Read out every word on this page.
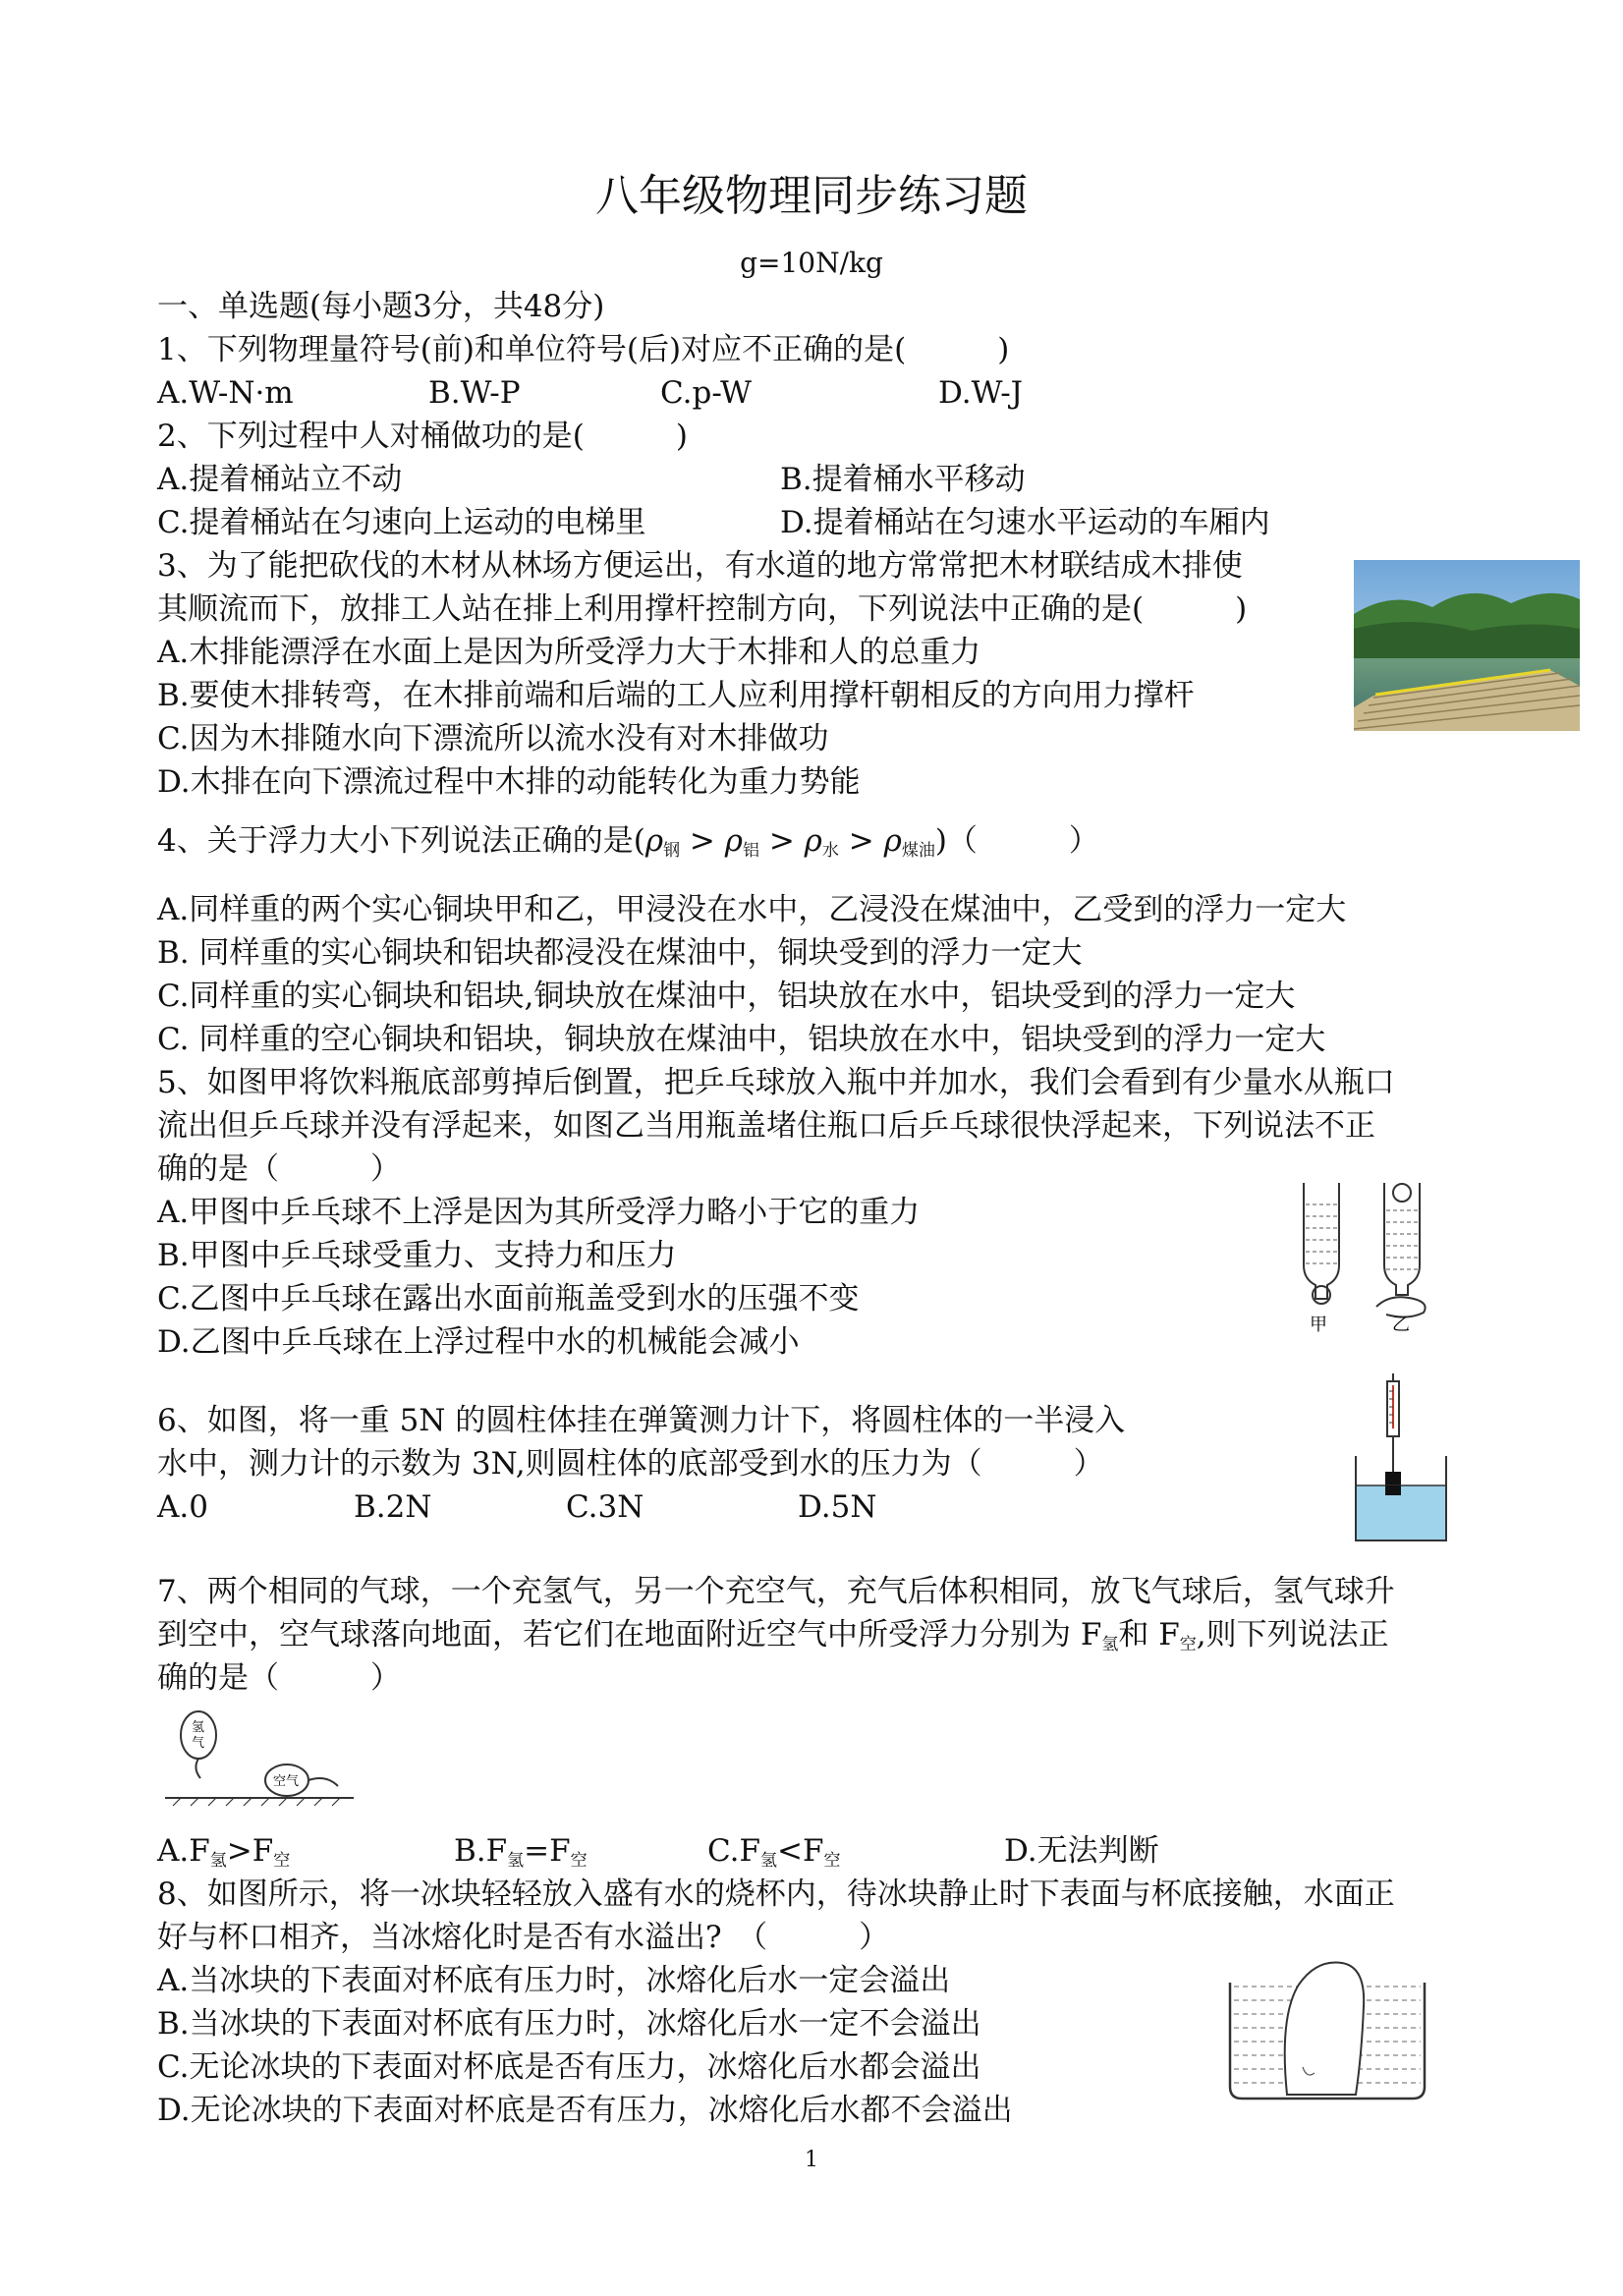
八年级物理同步练习题
g=10N/kg
一、单选题(每小题3分，共48分)
1、下列物理量符号(前)和单位符号(后)对应不正确的是(　　　)
A.W-N·m	B.W-P	C.p-W	D.W-J
2、下列过程中人对桶做功的是(　　　)
A.提着桶站立不动	B.提着桶水平移动
C.提着桶站在匀速向上运动的电梯里	D.提着桶站在匀速水平运动的车厢内
3、为了能把砍伐的木材从林场方便运出，有水道的地方常常把木材联结成木排使
其顺流而下，放排工人站在排上利用撑杆控制方向，下列说法中正确的是(　　　)
A.木排能漂浮在水面上是因为所受浮力大于木排和人的总重力
B.要使木排转弯，在木排前端和后端的工人应利用撑杆朝相反的方向用力撑杆
C.因为木排随水向下漂流所以流水没有对木排做功
D.木排在向下漂流过程中木排的动能转化为重力势能
4、关于浮力大小下列说法正确的是$(\rho_钢 > \rho_铝 > \rho_水 > \rho_{煤油})$（　　　）
A.同样重的两个实心铜块甲和乙，甲浸没在水中，乙浸没在煤油中，乙受到的浮力一定大
B. 同样重的实心铜块和铝块都浸没在煤油中，铜块受到的浮力一定大
C.同样重的实心铜块和铝块,铜块放在煤油中，铝块放在水中，铝块受到的浮力一定大
C. 同样重的空心铜块和铝块，铜块放在煤油中，铝块放在水中，铝块受到的浮力一定大
5、如图甲将饮料瓶底部剪掉后倒置，把乒乓球放入瓶中并加水，我们会看到有少量水从瓶口
流出但乒乓球并没有浮起来，如图乙当用瓶盖堵住瓶口后乒乓球很快浮起来，下列说法不正
确的是（　　　）
A.甲图中乒乓球不上浮是因为其所受浮力略小于它的重力
B.甲图中乒乓球受重力、支持力和压力
C.乙图中乒乓球在露出水面前瓶盖受到水的压强不变
D.乙图中乒乓球在上浮过程中水的机械能会减小	甲	乙
6、如图，将一重 5N 的圆柱体挂在弹簧测力计下，将圆柱体的一半浸入
水中，测力计的示数为 3N,则圆柱体的底部受到水的压力为（　　　）
A.0	B.2N	C.3N	D.5N
7、两个相同的气球，一个充氢气，另一个充空气，充气后体积相同，放飞气球后，氢气球升
到空中，空气球落向地面，若它们在地面附近空气中所受浮力分别为 $F_氢$和 $F_空$,则下列说法正
确的是（　　　）
氢
气
空气
$A.F_氢>F_空$	$B.F_氢=F_空$	$C.F_氢<F_空$	D.无法判断
8、如图所示，将一冰块轻轻放入盛有水的烧杯内，待冰块静止时下表面与杯底接触，水面正
好与杯口相齐，当冰熔化时是否有水溢出?　（　　　）
A.当冰块的下表面对杯底有压力时，冰熔化后水一定会溢出
B.当冰块的下表面对杯底有压力时，冰熔化后水一定不会溢出
C.无论冰块的下表面对杯底是否有压力，冰熔化后水都会溢出
D.无论冰块的下表面对杯底是否有压力，冰熔化后水都不会溢出
1
